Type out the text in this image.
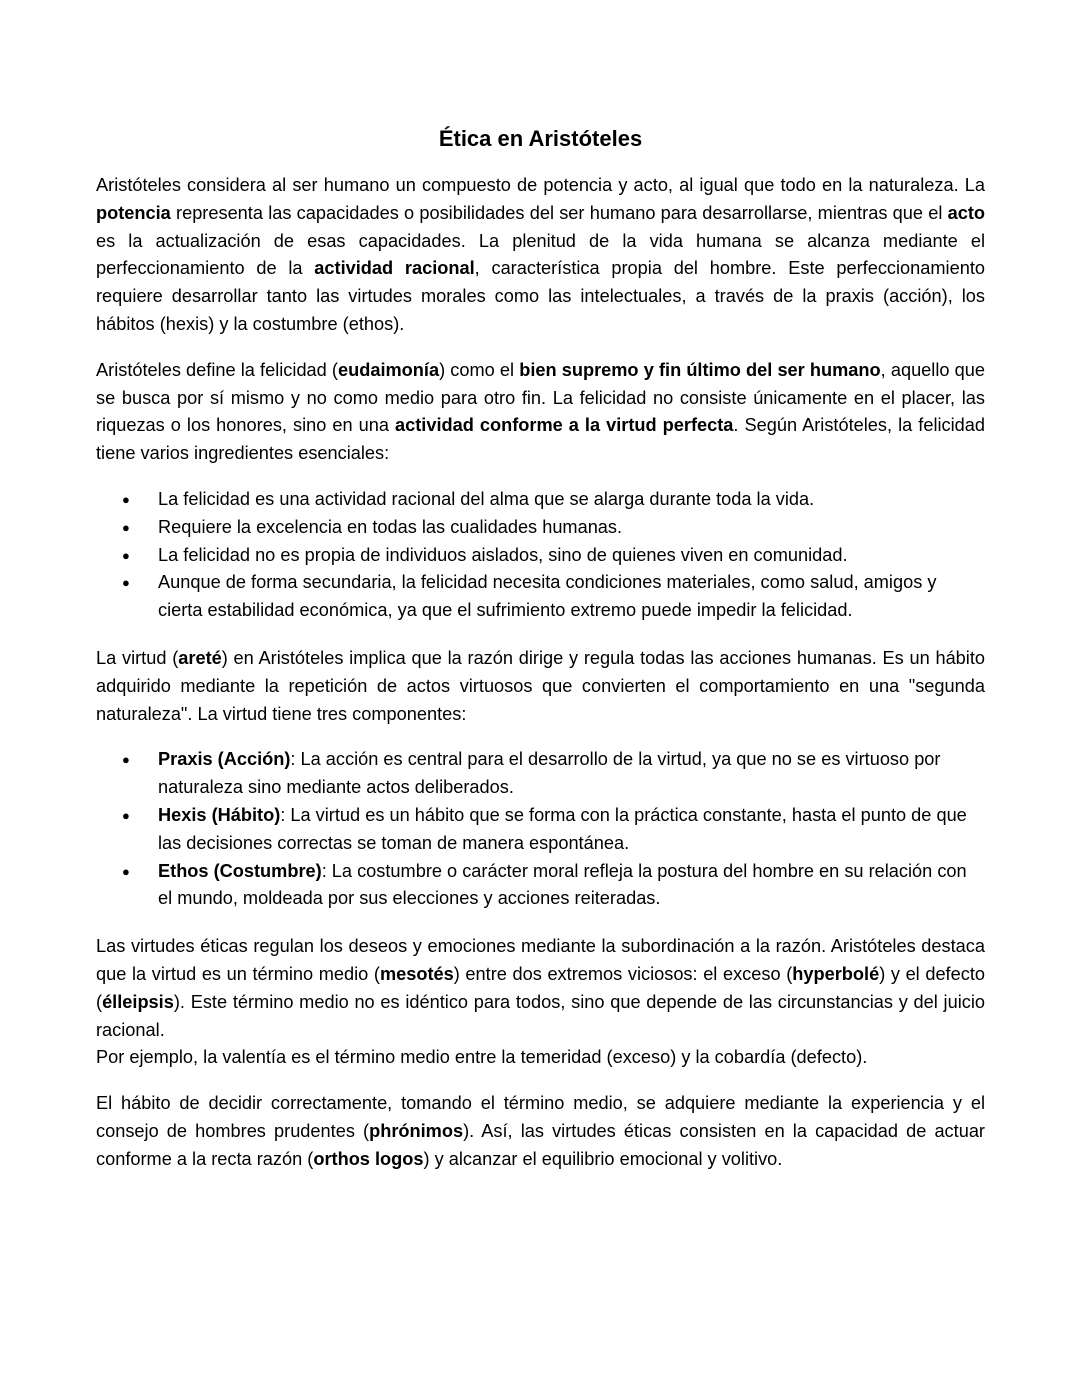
Ética en Aristóteles

Aristóteles considera al ser humano un compuesto de potencia y acto, al igual que todo en la naturaleza. La potencia representa las capacidades o posibilidades del ser humano para desarrollarse, mientras que el acto es la actualización de esas capacidades. La plenitud de la vida humana se alcanza mediante el perfeccionamiento de la actividad racional, característica propia del hombre. Este perfeccionamiento requiere desarrollar tanto las virtudes morales como las intelectuales, a través de la praxis (acción), los hábitos (hexis) y la costumbre (ethos).

Aristóteles define la felicidad (eudaimonía) como el bien supremo y fin último del ser humano, aquello que se busca por sí mismo y no como medio para otro fin. La felicidad no consiste únicamente en el placer, las riquezas o los honores, sino en una actividad conforme a la virtud perfecta. Según Aristóteles, la felicidad tiene varios ingredientes esenciales:

● La felicidad es una actividad racional del alma que se alarga durante toda la vida.
● Requiere la excelencia en todas las cualidades humanas.
● La felicidad no es propia de individuos aislados, sino de quienes viven en comunidad.
● Aunque de forma secundaria, la felicidad necesita condiciones materiales, como salud, amigos y cierta estabilidad económica, ya que el sufrimiento extremo puede impedir la felicidad.

La virtud (areté) en Aristóteles implica que la razón dirige y regula todas las acciones humanas. Es un hábito adquirido mediante la repetición de actos virtuosos que convierten el comportamiento en una "segunda naturaleza". La virtud tiene tres componentes:

● Praxis (Acción): La acción es central para el desarrollo de la virtud, ya que no se es virtuoso por naturaleza sino mediante actos deliberados.
● Hexis (Hábito): La virtud es un hábito que se forma con la práctica constante, hasta el punto de que las decisiones correctas se toman de manera espontánea.
● Ethos (Costumbre): La costumbre o carácter moral refleja la postura del hombre en su relación con el mundo, moldeada por sus elecciones y acciones reiteradas.

Las virtudes éticas regulan los deseos y emociones mediante la subordinación a la razón. Aristóteles destaca que la virtud es un término medio (mesotés) entre dos extremos viciosos: el exceso (hyperbolé) y el defecto (élleipsis). Este término medio no es idéntico para todos, sino que depende de las circunstancias y del juicio racional.

Por ejemplo, la valentía es el término medio entre la temeridad (exceso) y la cobardía (defecto).

El hábito de decidir correctamente, tomando el término medio, se adquiere mediante la experiencia y el consejo de hombres prudentes (phrónimos). Así, las virtudes éticas consisten en la capacidad de actuar conforme a la recta razón (orthos logos) y alcanzar el equilibrio emocional y volitivo.
